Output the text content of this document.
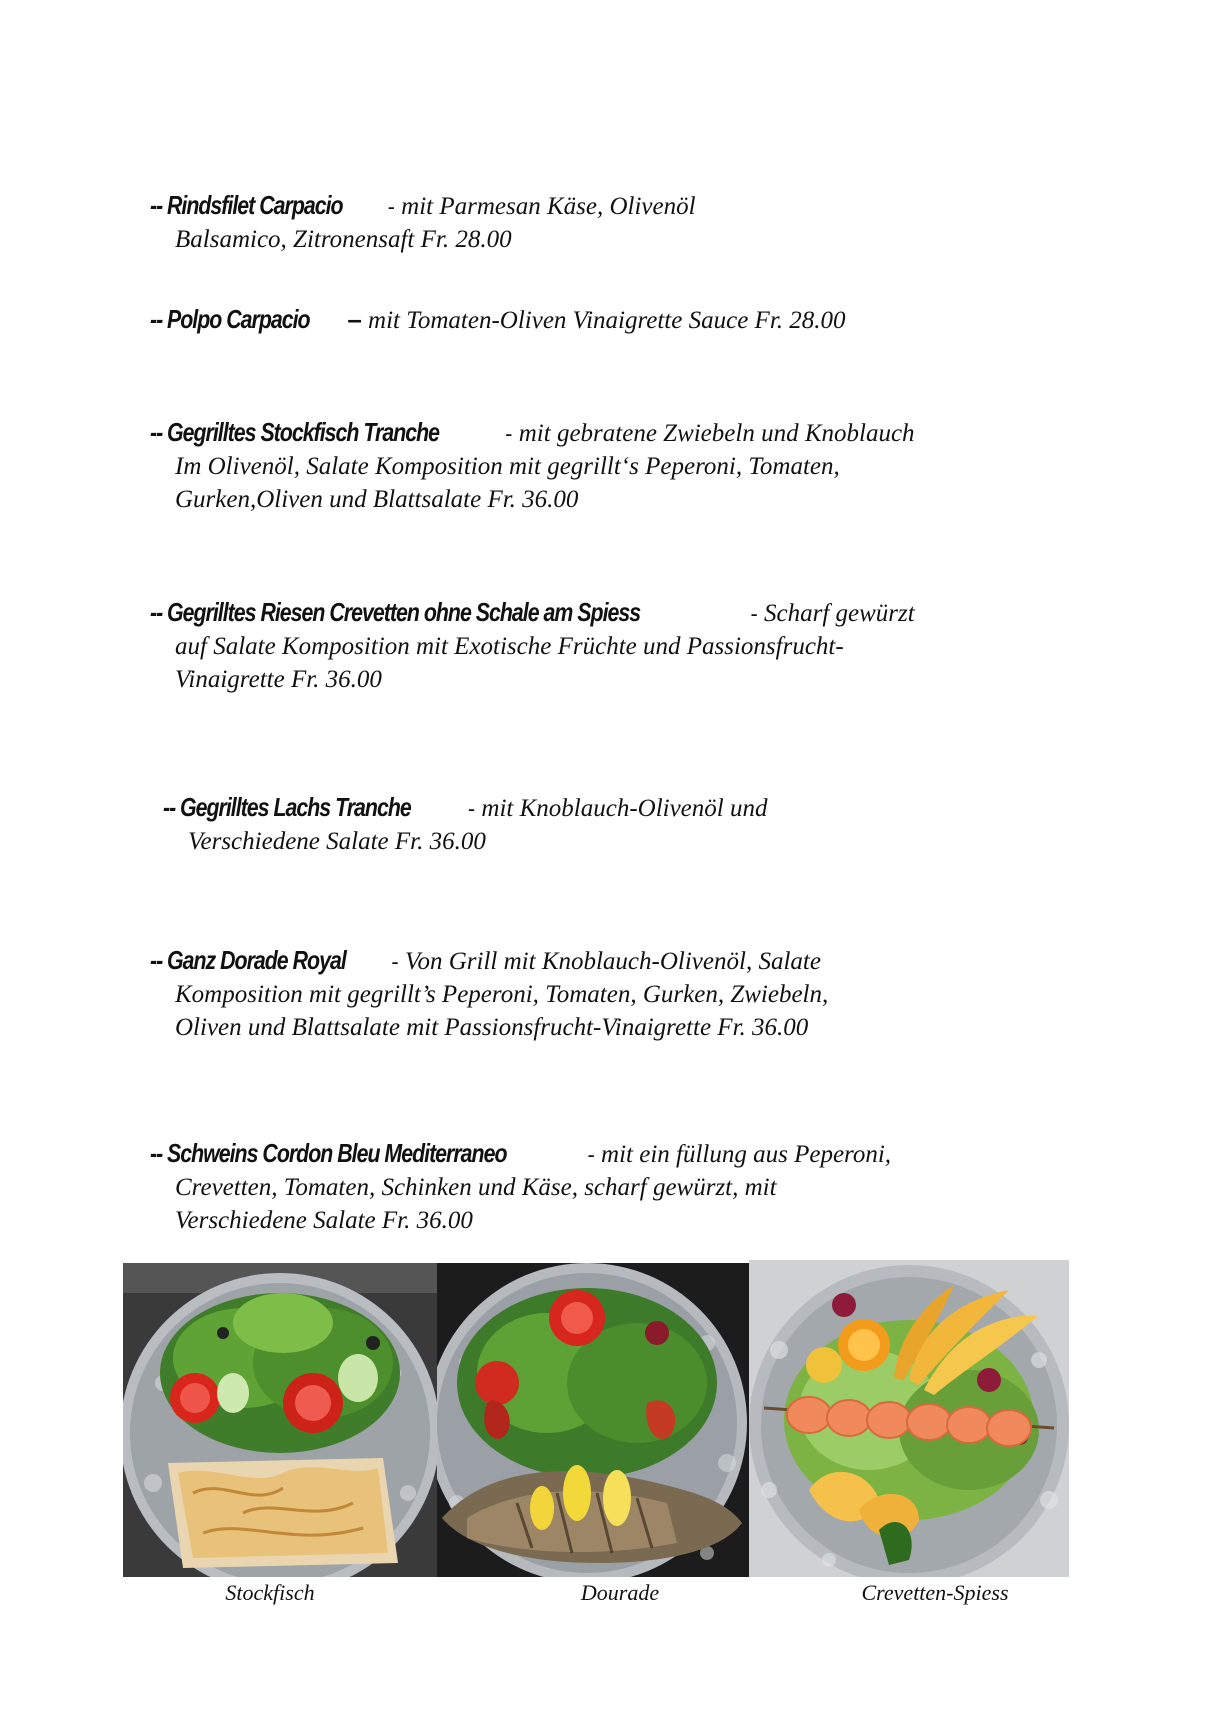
-- Rindsfilet Carpacio - mit Parmesan Käse, Olivenöl
Balsamico, Zitronensaft Fr. 28.00
-- Polpo Carpacio – mit Tomaten-Oliven Vinaigrette Sauce Fr. 28.00
-- Gegrilltes Stockfisch Tranche	- mit gebratene Zwiebeln und Knoblauch
Im Olivenöl, Salate Komposition mit gegrillt‘s Peperoni, Tomaten,
Gurken,Oliven und Blattsalate Fr. 36.00
-- Gegrilltes Riesen Crevetten ohne Schale am Spiess	- Scharf gewürzt
auf Salate Komposition mit Exotische Früchte und Passionsfrucht-
Vinaigrette Fr. 36.00
-- Gegrilltes Lachs Tranche	- mit Knoblauch-Olivenöl und
Verschiedene Salate Fr. 36.00
-- Ganz Dorade Royal - Von Grill mit Knoblauch-Olivenöl, Salate
Komposition mit gegrillt’s Peperoni, Tomaten, Gurken, Zwiebeln,
Oliven und Blattsalate mit Passionsfrucht-Vinaigrette Fr. 36.00
-- Schweins Cordon Bleu Mediterraneo	- mit ein füllung aus Peperoni,
Crevetten, Tomaten, Schinken und Käse, scharf gewürzt, mit
Verschiedene Salate Fr. 36.00
Stockfisch	Dourade	Crevetten-Spiess
